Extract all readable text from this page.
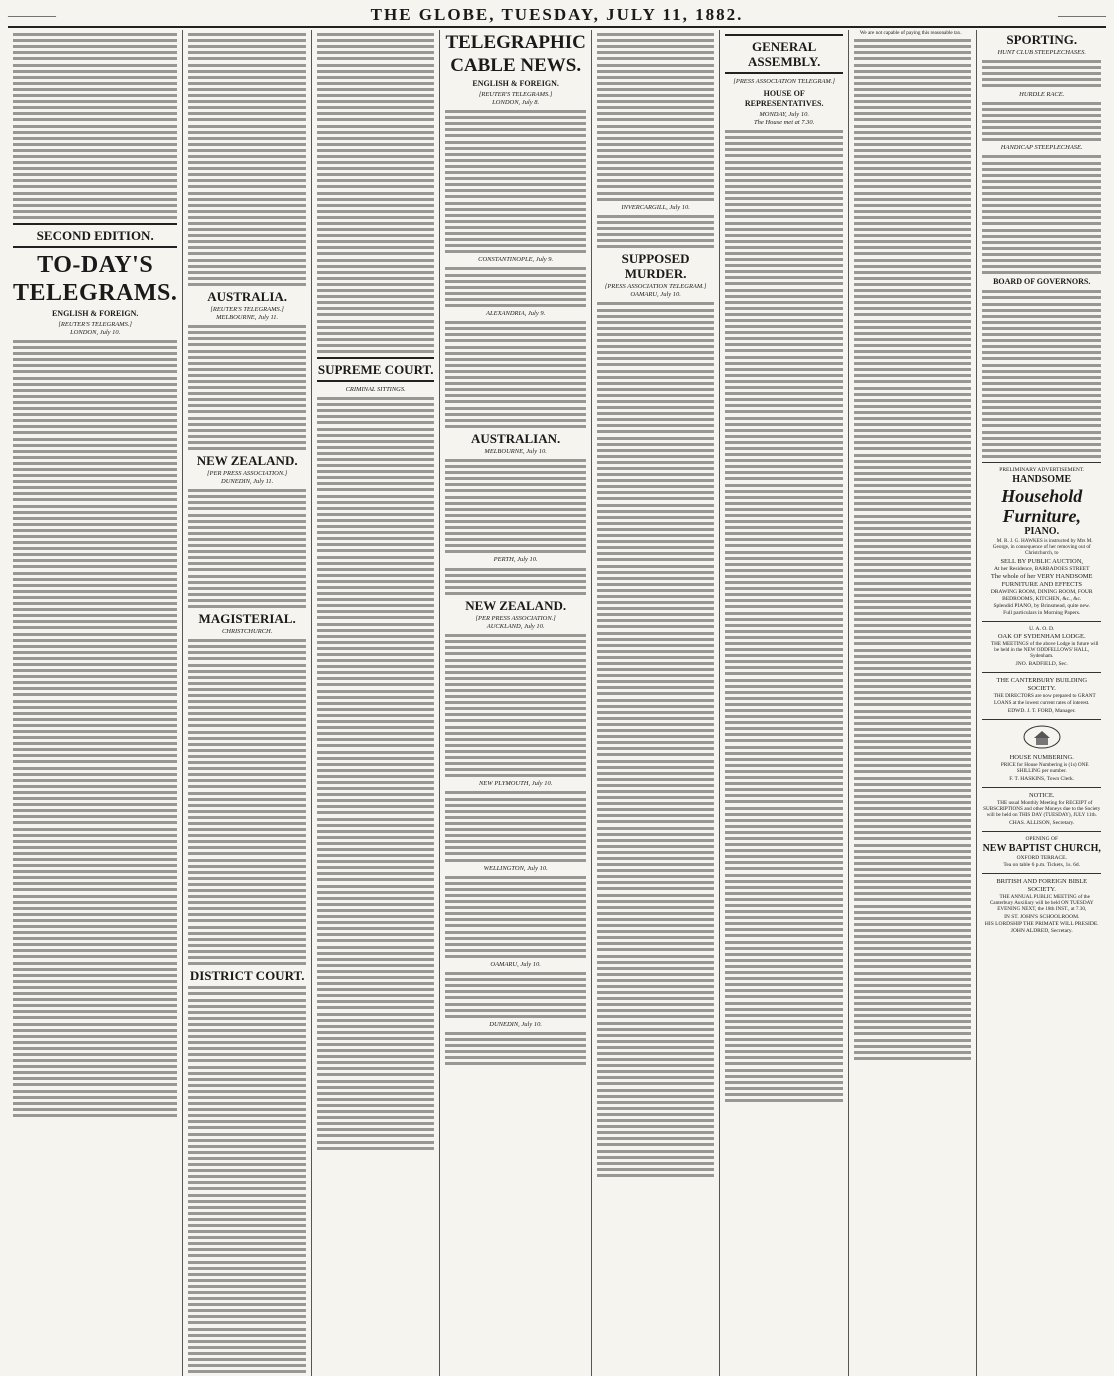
————	THE GLOBE, TUESDAY, JULY 11, 1882.	————
SECOND EDITION.
TO-DAY'S
TELEGRAMS.
ENGLISH & FOREIGN.
[REUTER'S TELEGRAMS.]
LONDON, July 10.
AUSTRALIA.
[REUTER'S TELEGRAMS.]
MELBOURNE, July 11.
NEW ZEALAND.
[PER PRESS ASSOCIATION.]
DUNEDIN, July 11.
MAGISTERIAL.
CHRISTCHURCH.
DISTRICT COURT.
SUPREME COURT.
CRIMINAL SITTINGS.
TELEGRAPHIC
CABLE NEWS.
ENGLISH & FOREIGN.
[REUTER'S TELEGRAMS.]
LONDON, July 8.
CONSTANTINOPLE, July 9.
ALEXANDRIA, July 9.
AUSTRALIAN.
MELBOURNE, July 10.
PERTH, July 10.
NEW ZEALAND.
[PER PRESS ASSOCIATION.]
AUCKLAND, July 10.
NEW PLYMOUTH, July 10.
WELLINGTON, July 10.
OAMARU, July 10.
DUNEDIN, July 10.
INVERCARGILL, July 10.
SUPPOSED MURDER.
[PRESS ASSOCIATION TELEGRAM.]
OAMARU, July 10.
GENERAL ASSEMBLY.
[PRESS ASSOCIATION TELEGRAM.]
HOUSE OF REPRESENTATIVES.
MONDAY, July 10.
The House met at 7.30.

We are not capable of paying this reasonable tax.	SPORTING.
HUNT CLUB STEEPLECHASES.
HURDLE RACE.
HANDICAP STEEPLECHASE.
BOARD OF GOVERNORS.
PRELIMINARY ADVERTISEMENT.
HANDSOME
Household Furniture,
PIANO.

M. R. J. G. HAWKES is instructed by Mrs M. George, in consequence of her removing out of Christchurch, to

SELL BY PUBLIC AUCTION,
At her Residence, BARBADOES STREET
The whole of her VERY HANDSOME FURNITURE AND EFFECTS
DRAWING ROOM, DINING ROOM, FOUR BEDROOMS, KITCHEN, &c., &c.
Splendid PIANO, by Brinsmead, quite new.
Full particulars in Morning Papers.
U. A. O. D.
OAK OF SYDENHAM LODGE.

THE MEETINGS of the above Lodge in future will be held in the NEW ODDFELLOWS' HALL, Sydenham.

JNO. BADFIELD, Sec.
THE CANTERBURY BUILDING SOCIETY.

THE DIRECTORS are now prepared to GRANT LOANS at the lowest current rates of interest.

EDWD. J. T. FORD, Manager.
HOUSE NUMBERING.

PRICE for House Numbering is (1s) ONE SHILLING per number.

F. T. HASKINS, Town Clerk.
NOTICE.

THE usual Monthly Meeting for RECEIPT of SUBSCRIPTIONS and other Moneys due to the Society will be held on THIS DAY (TUESDAY), JULY 11th.

CHAS. ALLISON, Secretary.
OPENING OF
NEW BAPTIST CHURCH,
OXFORD TERRACE.
Tea on table 6 p.m. Tickets, 1s. 6d.
BRITISH AND FOREIGN BIBLE SOCIETY.

THE ANNUAL PUBLIC MEETING of the Canterbury Auxiliary will be held ON TUESDAY EVENING NEXT, the 18th INST., at 7.30,

IN ST. JOHN'S SCHOOLROOM.
HIS LORDSHIP THE PRIMATE WILL PRESIDE.
JOHN ALDRED, Secretary.
